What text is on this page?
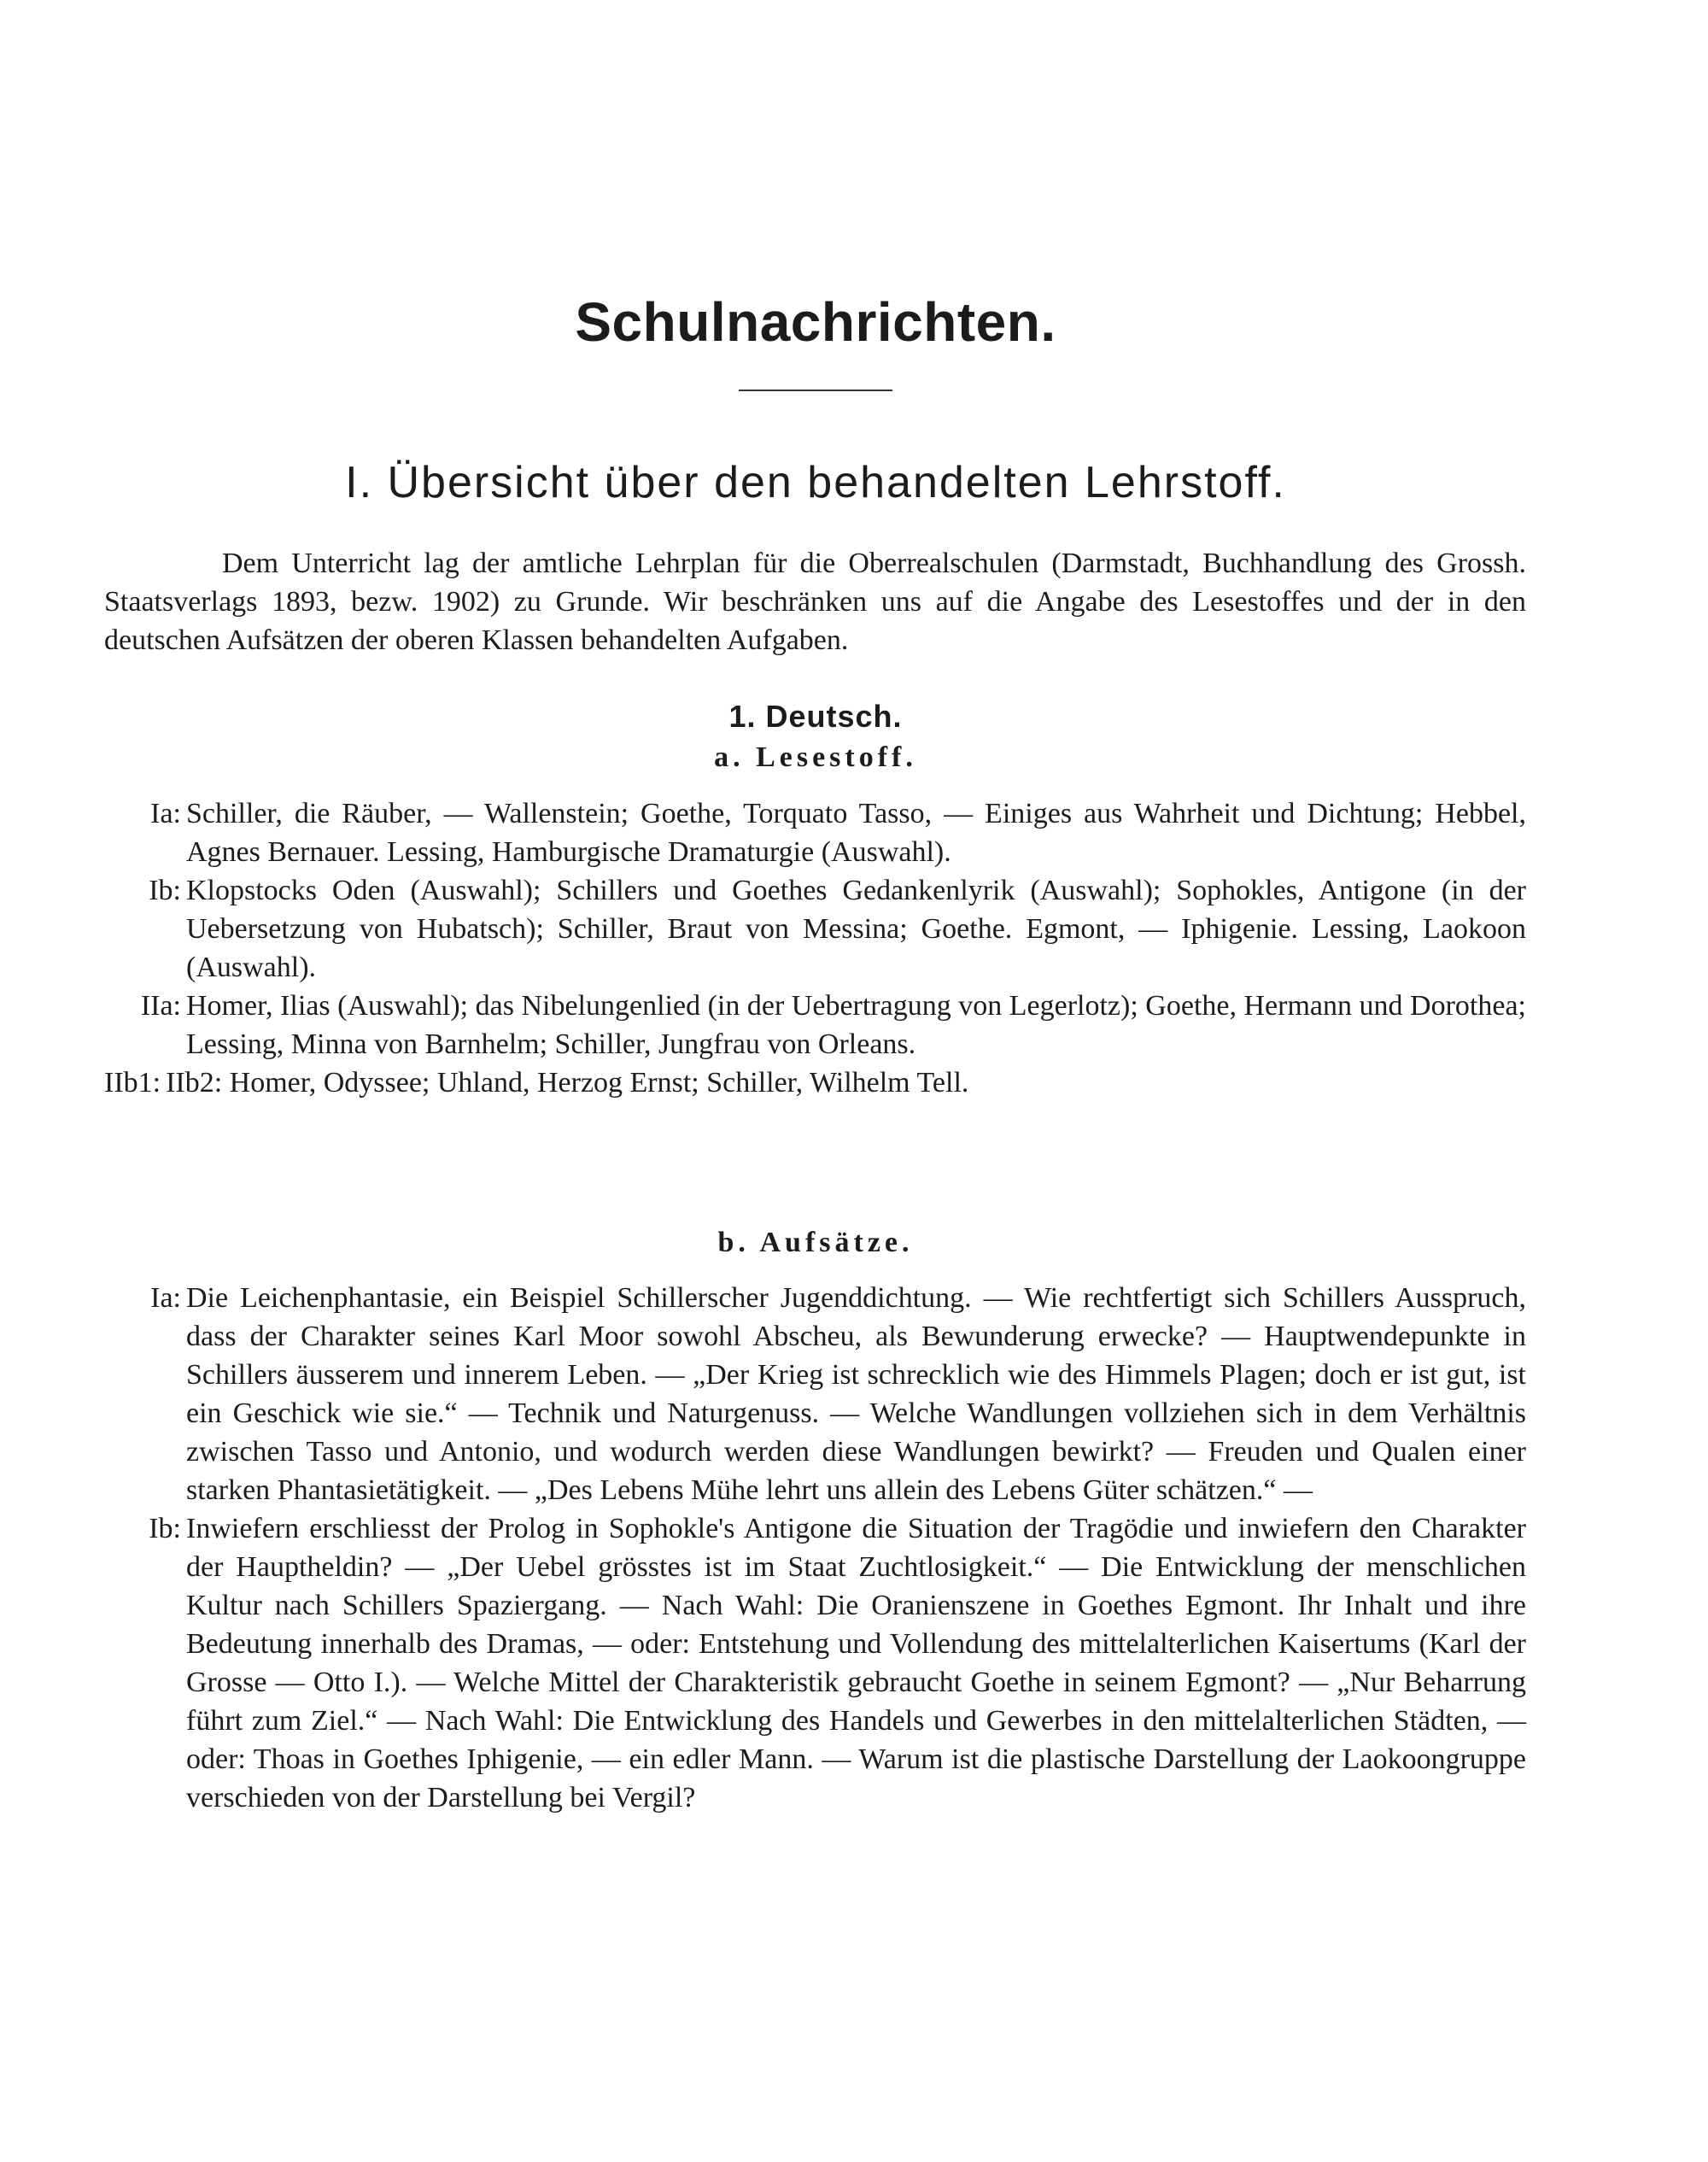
Schulnachrichten.
I. Übersicht über den behandelten Lehrstoff.

Dem Unterricht lag der amtliche Lehrplan für die Oberrealschulen (Darmstadt, Buchhandlung des Grossh. Staatsverlags 1893, bezw. 1902) zu Grunde. Wir beschränken uns auf die Angabe des Lesestoffes und der in den deutschen Aufsätzen der oberen Klassen behandelten Aufgaben.

1. Deutsch.
a. Lesestoff.
Ia: Schiller, die Räuber, — Wallenstein; Goethe, Torquato Tasso, — Einiges aus Wahrheit und Dichtung; Hebbel, Agnes Bernauer. Lessing, Hamburgische Dramaturgie (Auswahl).
Ib: Klopstocks Oden (Auswahl); Schillers und Goethes Gedankenlyrik (Auswahl); Sophokles, Antigone (in der Uebersetzung von Hubatsch); Schiller, Braut von Messina; Goethe. Egmont, — Iphigenie. Lessing, Laokoon (Auswahl).
IIa: Homer, Ilias (Auswahl); das Nibelungenlied (in der Uebertragung von Legerlotz); Goethe, Hermann und Dorothea; Lessing, Minna von Barnhelm; Schiller, Jungfrau von Orleans.
IIb1: IIb2: Homer, Odyssee; Uhland, Herzog Ernst; Schiller, Wilhelm Tell.
b. Aufsätze.
Ia: Die Leichenphantasie, ein Beispiel Schillerscher Jugenddichtung. — Wie rechtfertigt sich Schillers Ausspruch, dass der Charakter seines Karl Moor sowohl Abscheu, als Bewunderung erwecke? — Hauptwendepunkte in Schillers äusserem und innerem Leben. — „Der Krieg ist schrecklich wie des Himmels Plagen; doch er ist gut, ist ein Geschick wie sie.“ — Technik und Naturgenuss. — Welche Wandlungen vollziehen sich in dem Verhältnis zwischen Tasso und Antonio, und wodurch werden diese Wandlungen bewirkt? — Freuden und Qualen einer starken Phantasietätigkeit. — „Des Lebens Mühe lehrt uns allein des Lebens Güter schätzen.“ —
Ib: Inwiefern erschliesst der Prolog in Sophokle's Antigone die Situation der Tragödie und inwiefern den Charakter der Hauptheldin? — „Der Uebel grösstes ist im Staat Zuchtlosigkeit.“ — Die Entwicklung der menschlichen Kultur nach Schillers Spaziergang. — Nach Wahl: Die Oranienszene in Goethes Egmont. Ihr Inhalt und ihre Bedeutung innerhalb des Dramas, — oder: Entstehung und Vollendung des mittelalterlichen Kaisertums (Karl der Grosse — Otto I.). — Welche Mittel der Charakteristik gebraucht Goethe in seinem Egmont? — „Nur Beharrung führt zum Ziel.“ — Nach Wahl: Die Entwicklung des Handels und Gewerbes in den mittelalterlichen Städten, — oder: Thoas in Goethes Iphigenie, — ein edler Mann. — Warum ist die plastische Darstellung der Laokoongruppe verschieden von der Darstellung bei Vergil?
